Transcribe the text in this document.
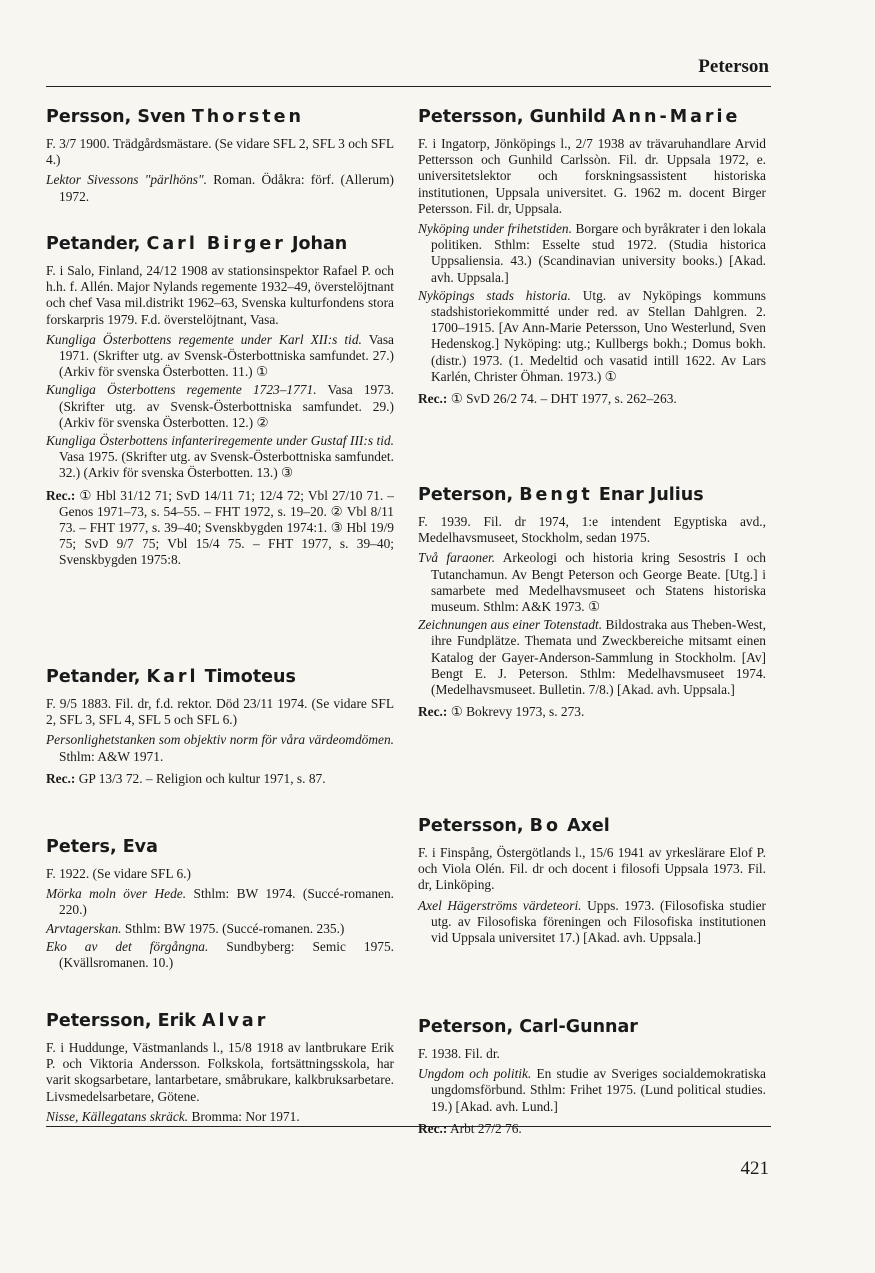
Peterson
Persson, Sven Thorsten

F. 3/7 1900. Trädgårdsmästare. (Se vidare SFL 2, SFL 3 och SFL 4.)

Lektor Sivessons "pärlhöns". Roman. Ödåkra: förf. (Allerum) 1972.

Petander, Carl Birger Johan

F. i Salo, Finland, 24/12 1908 av stationsinspektor Rafael P. och h.h. f. Allén. Major Nylands regemente 1932–49, överstelöjtnant och chef Vasa mil.distrikt 1962–63, Svenska kulturfondens stora forskarpris 1979. F.d. överstelöjtnant, Vasa.

Kungliga Österbottens regemente under Karl XII:s tid. Vasa 1971. (Skrifter utg. av Svensk-Österbottniska samfundet. 27.) (Arkiv för svenska Österbotten. 11.) ①

Kungliga Österbottens regemente 1723–1771. Vasa 1973. (Skrifter utg. av Svensk-Österbottniska samfundet. 29.) (Arkiv för svenska Österbotten. 12.) ②

Kungliga Österbottens infanteriregemente under Gustaf III:s tid. Vasa 1975. (Skrifter utg. av Svensk-Österbottniska samfundet. 32.) (Arkiv för svenska Österbotten. 13.) ③

Rec.: ① Hbl 31/12 71; SvD 14/11 71; 12/4 72; Vbl 27/10 71. – Genos 1971–73, s. 54–55. – FHT 1972, s. 19–20. ② Vbl 8/11 73. – FHT 1977, s. 39–40; Svenskbygden 1974:1. ③ Hbl 19/9 75; SvD 9/7 75; Vbl 15/4 75. – FHT 1977, s. 39–40; Svenskbygden 1975:8.

Petander, Karl Timoteus

F. 9/5 1883. Fil. dr, f.d. rektor. Död 23/11 1974. (Se vidare SFL 2, SFL 3, SFL 4, SFL 5 och SFL 6.)

Personlighetstanken som objektiv norm för våra värdeomdömen. Sthlm: A&W 1971.

Rec.: GP 13/3 72. – Religion och kultur 1971, s. 87.

Peters, Eva

F. 1922. (Se vidare SFL 6.)

Mörka moln över Hede. Sthlm: BW 1974. (Succé-romanen. 220.)

Arvtagerskan. Sthlm: BW 1975. (Succé-romanen. 235.)

Eko av det förgångna. Sundbyberg: Semic 1975. (Kvällsromanen. 10.)

Petersson, Erik Alvar

F. i Huddunge, Västmanlands l., 15/8 1918 av lantbrukare Erik P. och Viktoria Andersson. Folkskola, fortsättningsskola, har varit skogsarbetare, lantarbetare, småbrukare, kalkbruksarbetare. Livsmedelsarbetare, Götene.

Nisse, Källegatans skräck. Bromma: Nor 1971.

Petersson, Gunhild Ann-Marie

F. i Ingatorp, Jönköpings l., 2/7 1938 av trävaruhandlare Arvid Pettersson och Gunhild Carlssòn. Fil. dr. Uppsala 1972, e. universitetslektor och forskningsassistent historiska institutionen, Uppsala universitet. G. 1962 m. docent Birger Petersson. Fil. dr, Uppsala.

Nyköping under frihetstiden. Borgare och byråkrater i den lokala politiken. Sthlm: Esselte stud 1972. (Studia historica Uppsaliensia. 43.) (Scandinavian university books.) [Akad. avh. Uppsala.]

Nyköpings stads historia. Utg. av Nyköpings kommuns stadshistoriekommitté under red. av Stellan Dahlgren. 2. 1700–1915. [Av Ann-Marie Petersson, Uno Westerlund, Sven Hedenskog.] Nyköping: utg.; Kullbergs bokh.; Domus bokh. (distr.) 1973. (1. Medeltid och vasatid intill 1622. Av Lars Karlén, Christer Öhman. 1973.) ①

Rec.: ① SvD 26/2 74. – DHT 1977, s. 262–263.

Peterson, Bengt Enar Julius

F. 1939. Fil. dr 1974, 1:e intendent Egyptiska avd., Medelhavsmuseet, Stockholm, sedan 1975.

Två faraoner. Arkeologi och historia kring Sesostris I och Tutanchamun. Av Bengt Peterson och George Beate. [Utg.] i samarbete med Medelhavsmuseet och Statens historiska museum. Sthlm: A&K 1973. ①

Zeichnungen aus einer Totenstadt. Bildostraka aus Theben-West, ihre Fundplätze. Themata und Zweckbereiche mitsamt einen Katalog der Gayer-Anderson-Sammlung in Stockholm. [Av] Bengt E. J. Peterson. Sthlm: Medelhavsmuseet 1974. (Medelhavsmuseet. Bulletin. 7/8.) [Akad. avh. Uppsala.]

Rec.: ① Bokrevy 1973, s. 273.

Petersson, Bo Axel

F. i Finspång, Östergötlands l., 15/6 1941 av yrkeslärare Elof P. och Viola Olén. Fil. dr och docent i filosofi Uppsala 1973. Fil. dr, Linköping.

Axel Hägerströms värdeteori. Upps. 1973. (Filosofiska studier utg. av Filosofiska föreningen och Filosofiska institutionen vid Uppsala universitet 17.) [Akad. avh. Uppsala.]

Peterson, Carl-Gunnar

F. 1938. Fil. dr.

Ungdom och politik. En studie av Sveriges socialdemokratiska ungdomsförbund. Sthlm: Frihet 1975. (Lund political studies. 19.) [Akad. avh. Lund.]

Rec.: Arbt 27/2 76.

421
